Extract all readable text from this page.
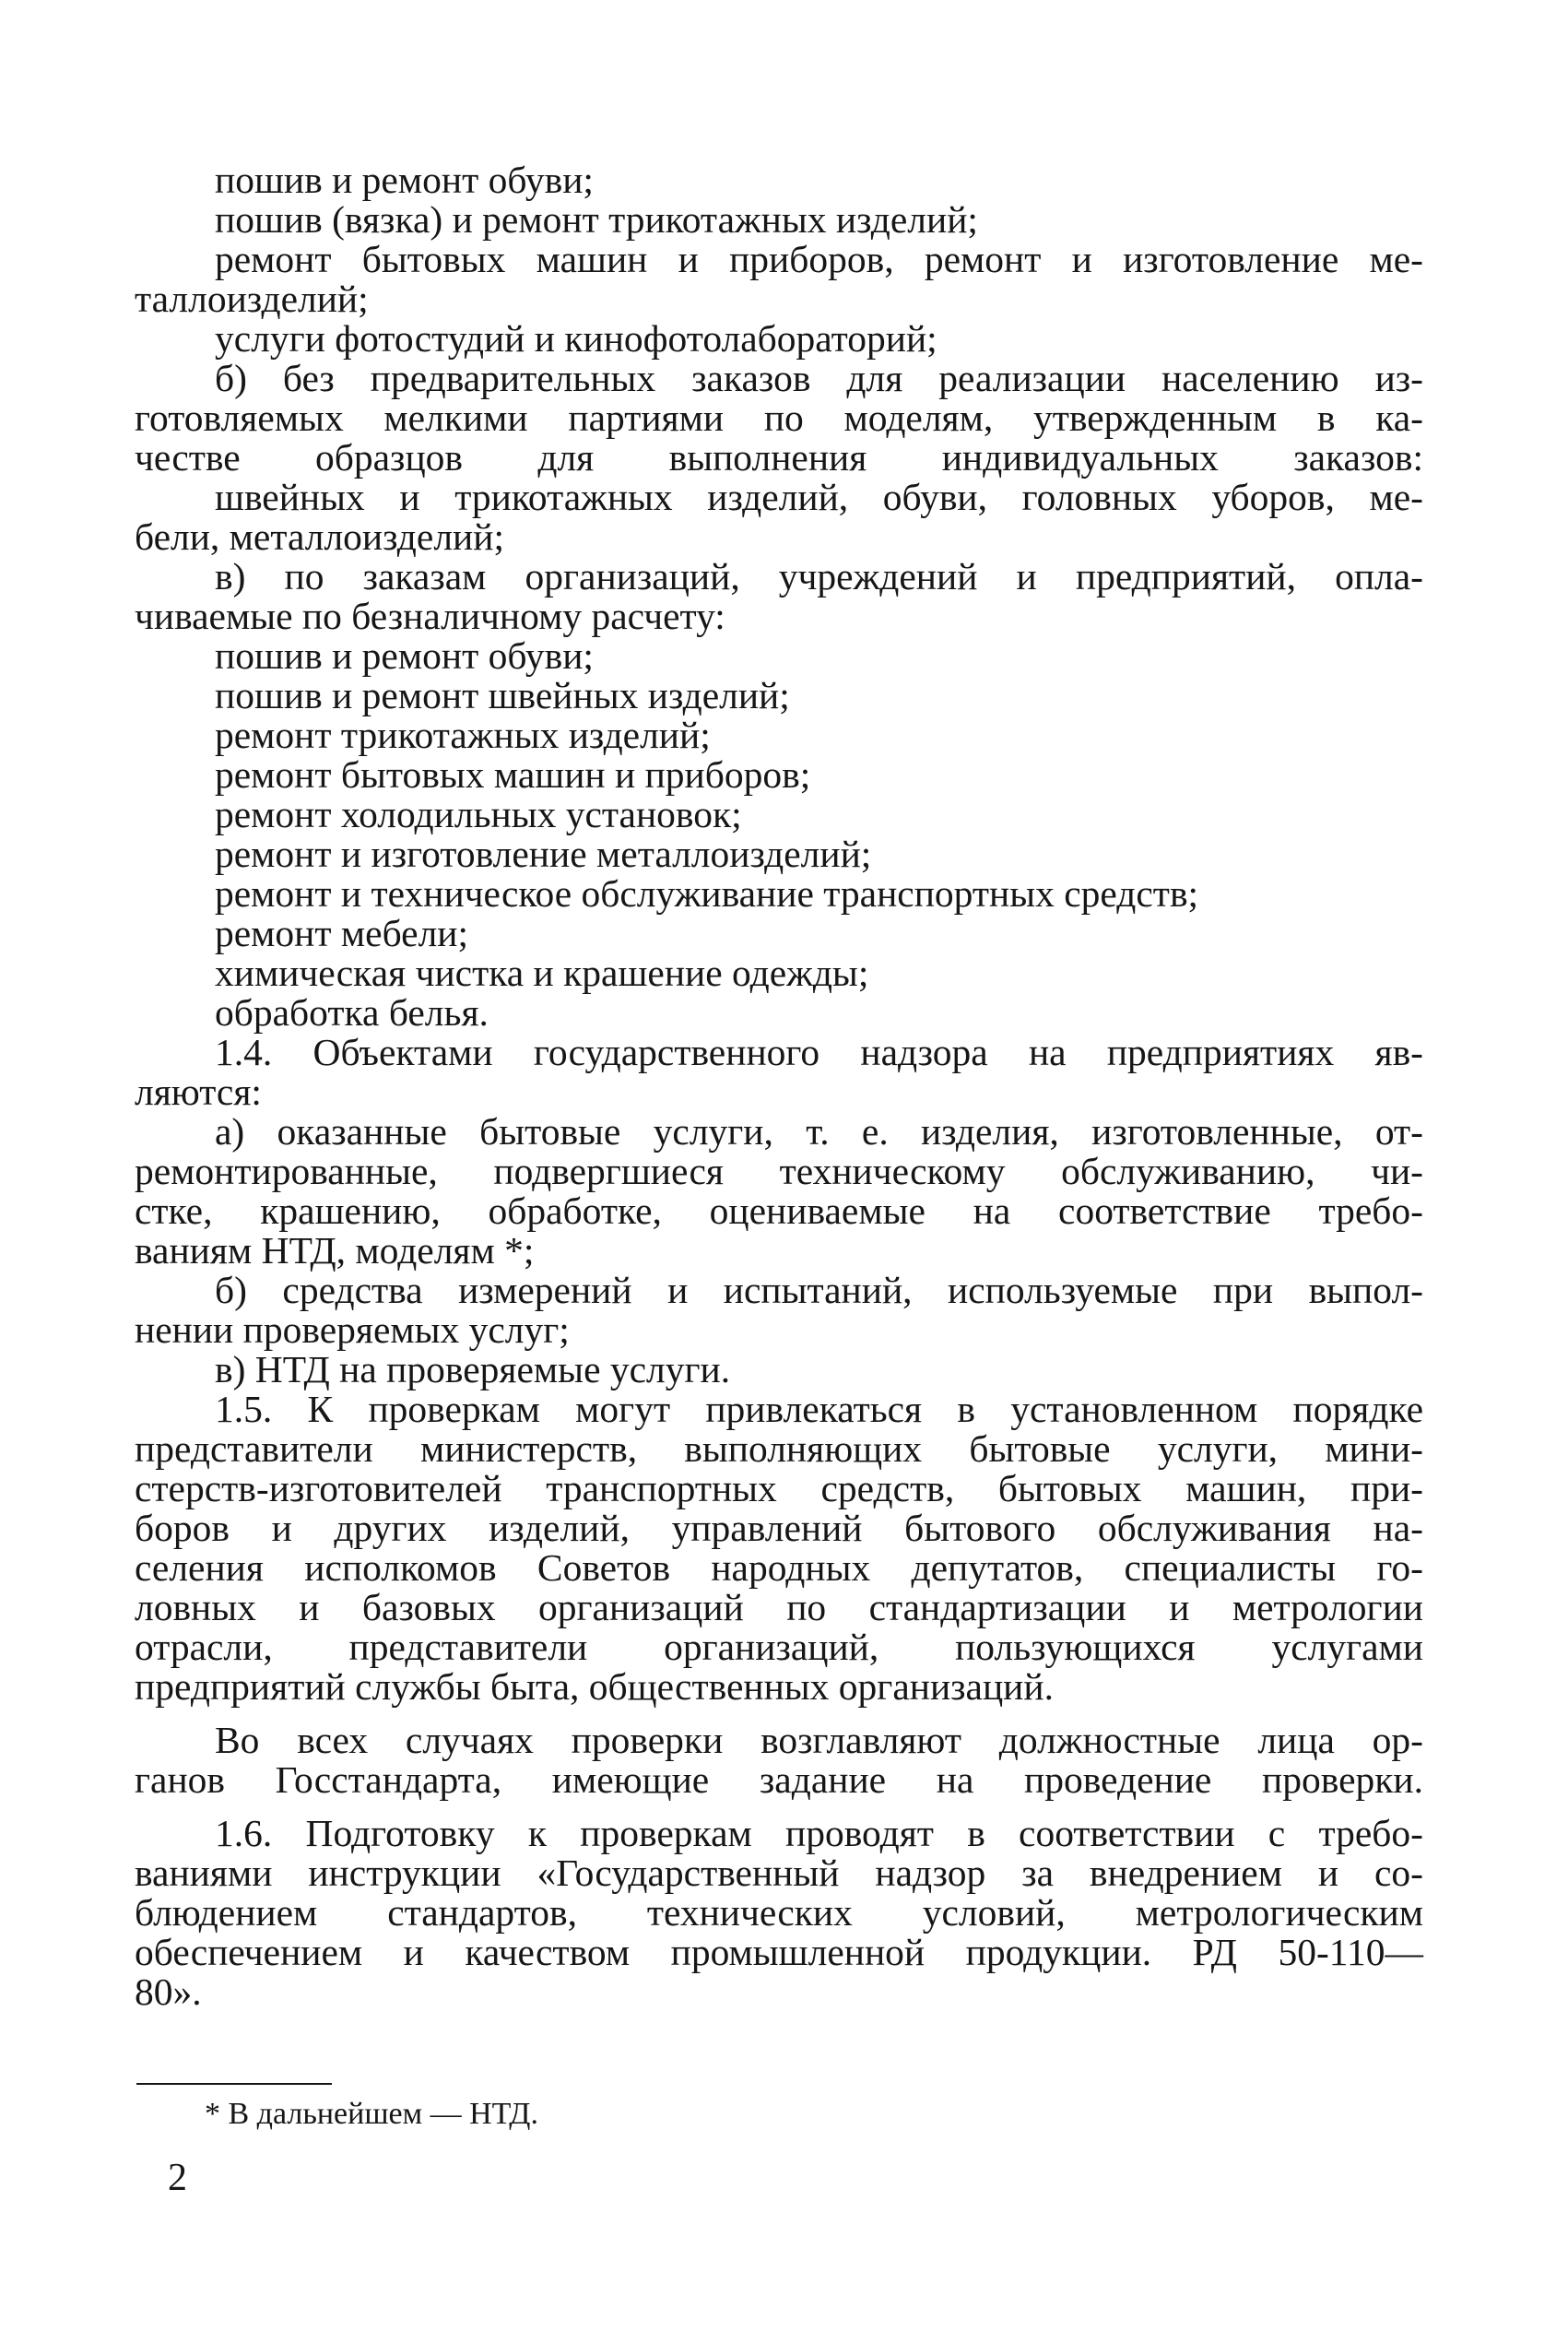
пошив и ремонт обуви;

пошив (вязка) и ремонт трикотажных изделий;

ремонт бытовых машин и приборов, ремонт и изготовление ме-

таллоизделий;

услуги фотостудий и кинофотолабораторий;

б) без предварительных заказов для реализации населению из-

готовляемых мелкими партиями по моделям, утвержденным в ка-

честве образцов для выполнения индивидуальных заказов:

швейных и трикотажных изделий, обуви, головных уборов, ме-

бели, металлоизделий;

в) по заказам организаций, учреждений и предприятий, опла-

чиваемые по безналичному расчету:

пошив и ремонт обуви;

пошив и ремонт швейных изделий;

ремонт трикотажных изделий;

ремонт бытовых машин и приборов;

ремонт холодильных установок;

ремонт и изготовление металлоизделий;

ремонт и техническое обслуживание транспортных средств;

ремонт мебели;

химическая чистка и крашение одежды;

обработка белья.

1.4. Объектами государственного надзора на предприятиях яв-

ляются:

а) оказанные бытовые услуги, т. е. изделия, изготовленные, от-

ремонтированные, подвергшиеся техническому обслуживанию, чи-

стке, крашению, обработке, оцениваемые на соответствие требо-

ваниям НТД, моделям *;

б) средства измерений и испытаний, используемые при выпол-

нении проверяемых услуг;

в) НТД на проверяемые услуги.

1.5. К проверкам могут привлекаться в установленном порядке

представители министерств, выполняющих бытовые услуги, мини-

стерств-изготовителей транспортных средств, бытовых машин, при-

боров и других изделий, управлений бытового обслуживания на-

селения исполкомов Советов народных депутатов, специалисты го-

ловных и базовых организаций по стандартизации и метрологии

отрасли, представители организаций, пользующихся услугами

предприятий службы быта, общественных организаций.

Во всех случаях проверки возглавляют должностные лица ор-

ганов Госстандарта, имеющие задание на проведение проверки.

1.6. Подготовку к проверкам проводят в соответствии с требо-

ваниями инструкции «Государственный надзор за внедрением и со-

блюдением стандартов, технических условий, метрологическим

обеспечением и качеством промышленной продукции. РД 50-110—

80».

* В дальнейшем — НТД.
2
